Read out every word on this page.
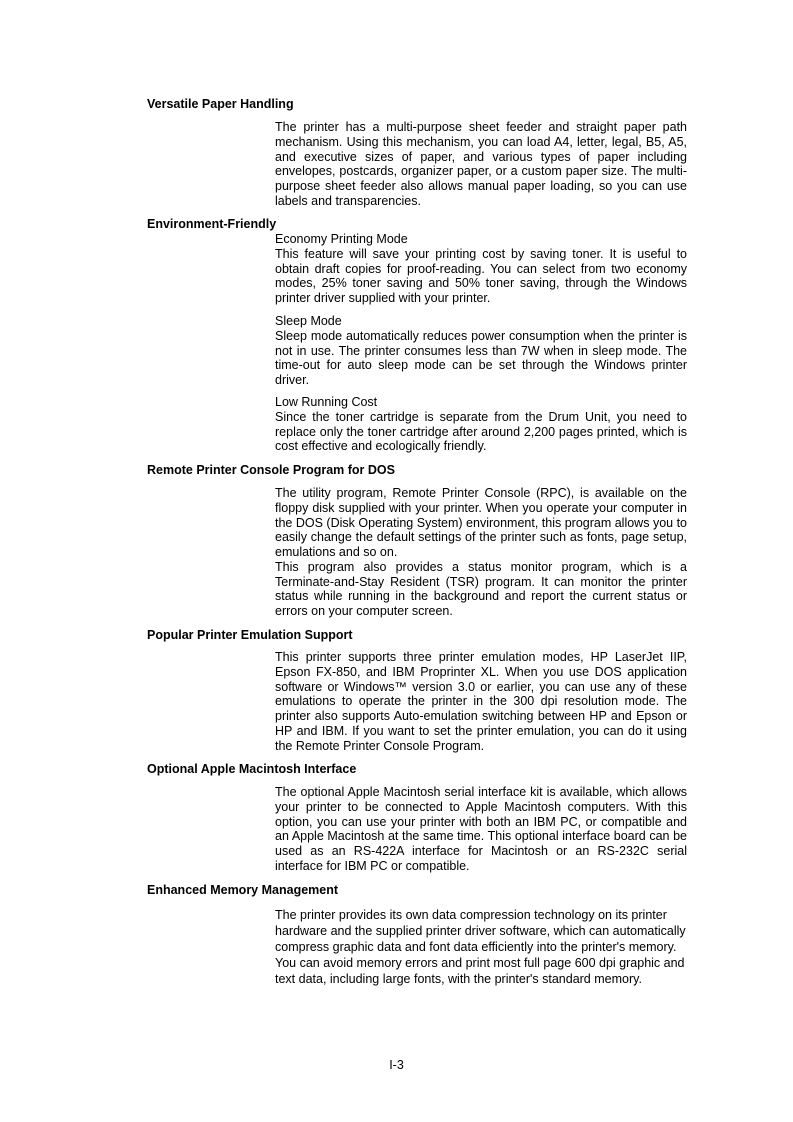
Versatile Paper Handling
The printer has a multi-purpose sheet feeder and straight paper path mechanism. Using this mechanism, you can load A4, letter, legal, B5, A5, and executive sizes of paper, and various types of paper including envelopes, postcards, organizer paper, or a custom paper size. The multi-purpose sheet feeder also allows manual paper loading, so you can use labels and transparencies.
Environment-Friendly
Economy Printing Mode
This feature will save your printing cost by saving toner. It is useful to obtain draft copies for proof-reading. You can select from two economy modes, 25% toner saving and 50% toner saving, through the Windows printer driver supplied with your printer.
Sleep Mode
Sleep mode automatically reduces power consumption when the printer is not in use. The printer consumes less than 7W when in sleep mode. The time-out for auto sleep mode can be set through the Windows printer driver.
Low Running Cost
Since the toner cartridge is separate from the Drum Unit, you need to replace only the toner cartridge after around 2,200 pages printed, which is cost effective and ecologically friendly.
Remote Printer Console Program for DOS
The utility program, Remote Printer Console (RPC), is available on the floppy disk supplied with your printer. When you operate your computer in the DOS (Disk Operating System) environment, this program allows you to easily change the default settings of the printer such as fonts, page setup, emulations and so on.
This program also provides a status monitor program, which is a Terminate-and-Stay Resident (TSR) program. It can monitor the printer status while running in the background and report the current status or errors on your computer screen.
Popular Printer Emulation Support
This printer supports three printer emulation modes, HP LaserJet IIP, Epson FX-850, and IBM Proprinter XL. When you use DOS application software or Windows™ version 3.0 or earlier, you can use any of these emulations to operate the printer in the 300 dpi resolution mode. The printer also supports Auto-emulation switching between HP and Epson or HP and IBM. If you want to set the printer emulation, you can do it using the Remote Printer Console Program.
Optional Apple Macintosh Interface
The optional Apple Macintosh serial interface kit is available, which allows your printer to be connected to Apple Macintosh computers. With this option, you can use your printer with both an IBM PC, or compatible and an Apple Macintosh at the same time. This optional interface board can be used as an RS-422A interface for Macintosh or an RS-232C serial interface for IBM PC or compatible.
Enhanced Memory Management
The printer provides its own data compression technology on its printer hardware and the supplied printer driver software, which can automatically compress graphic data and font data efficiently into the printer's memory. You can avoid memory errors and print most full page 600 dpi graphic and text data, including large fonts, with the printer's standard memory.
I-3
